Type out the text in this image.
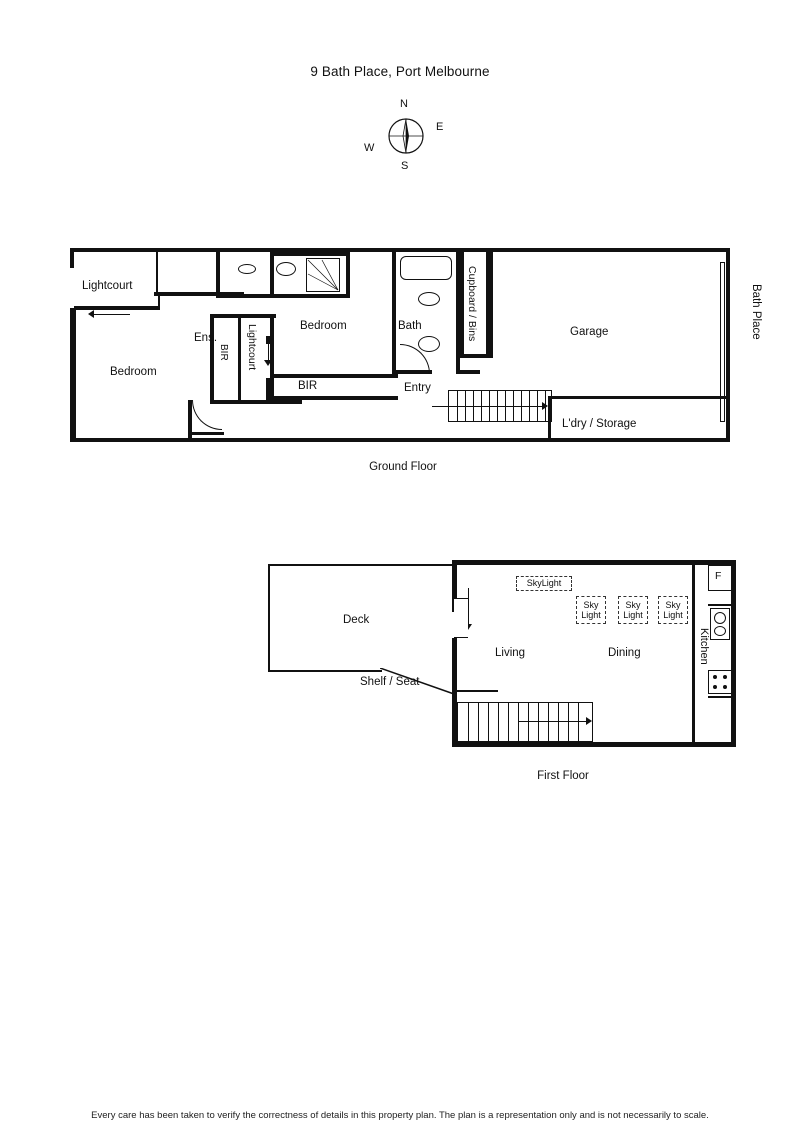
9 Bath Place, Port Melbourne
N
E
S
W
Lightcourt
Ens.
Bedroom
Bedroom
BIR Lightcourt
BIR
Bath	Cupboard / Bins
Entry
Garage
L'dry / Storage
Bath Place
Ground Floor
SkyLight
Sky
Light
Sky
Light
Sky
Light
Deck
Shelf / Seat
Living	Dining	Kitchen
F
First Floor
Every care has been taken to verify the correctness of details in this property plan. The plan is a representation only and is not necessarily to scale.
